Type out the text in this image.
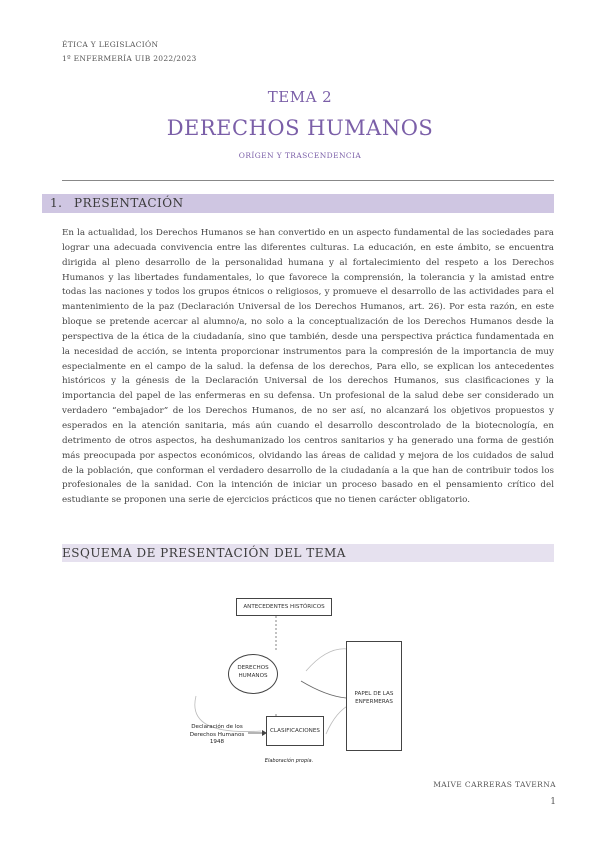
ÉTICA Y LEGISLACIÓN
1º ENFERMERÍA UIB 2022/2023
TEMA 2
DERECHOS HUMANOS
ORÍGEN Y TRASCENDENCIA
1. PRESENTACIÓN
En la actualidad, los Derechos Humanos se han convertido en un aspecto fundamental de las sociedades para lograr una adecuada convivencia entre las diferentes culturas. La educación, en este ámbito, se encuentra dirigida al pleno desarrollo de la personalidad humana y al fortalecimiento del respeto a los Derechos Humanos y las libertades fundamentales, lo que favorece la comprensión, la tolerancia y la amistad entre todas las naciones y todos los grupos étnicos o religiosos, y promueve el desarrollo de las actividades para el mantenimiento de la paz (Declaración Universal de los Derechos Humanos, art. 26). Por esta razón, en este bloque se pretende acercar al alumno/a, no solo a la conceptualización de los Derechos Humanos desde la perspectiva de la ética de la ciudadanía, sino que también, desde una perspectiva práctica fundamentada en la necesidad de acción, se intenta proporcionar instrumentos para la compresión de la importancia de muy especialmente en el campo de la salud. la defensa de los derechos, Para ello, se explican los antecedentes históricos y la génesis de la Declaración Universal de los derechos Humanos, sus clasificaciones y la importancia del papel de las enfermeras en su defensa. Un profesional de la salud debe ser considerado un verdadero “embajador” de los Derechos Humanos, de no ser así, no alcanzará los objetivos propuestos y esperados en la atención sanitaria, más aún cuando el desarrollo descontrolado de la biotecnología, en detrimento de otros aspectos, ha deshumanizado los centros sanitarios y ha generado una forma de gestión más preocupada por aspectos económicos, olvidando las áreas de calidad y mejora de los cuidados de salud de la población, que conforman el verdadero desarrollo de la ciudadanía a la que han de contribuir todos los profesionales de la sanidad. Con la intención de iniciar un proceso basado en el pensamiento crítico del estudiante se proponen una serie de ejercicios prácticos que no tienen carácter obligatorio.
ESQUEMA DE PRESENTACIÓN DEL TEMA
ANTECEDENTES HISTÓRICOS
DERECHOS
HUMANOS
PAPEL DE LAS
ENFERMERAS
Declaración de los
Derechos Humanos
1948
CLASIFICACIONES
Elaboración propia.
MAIVE CARRERAS TAVERNA
1
